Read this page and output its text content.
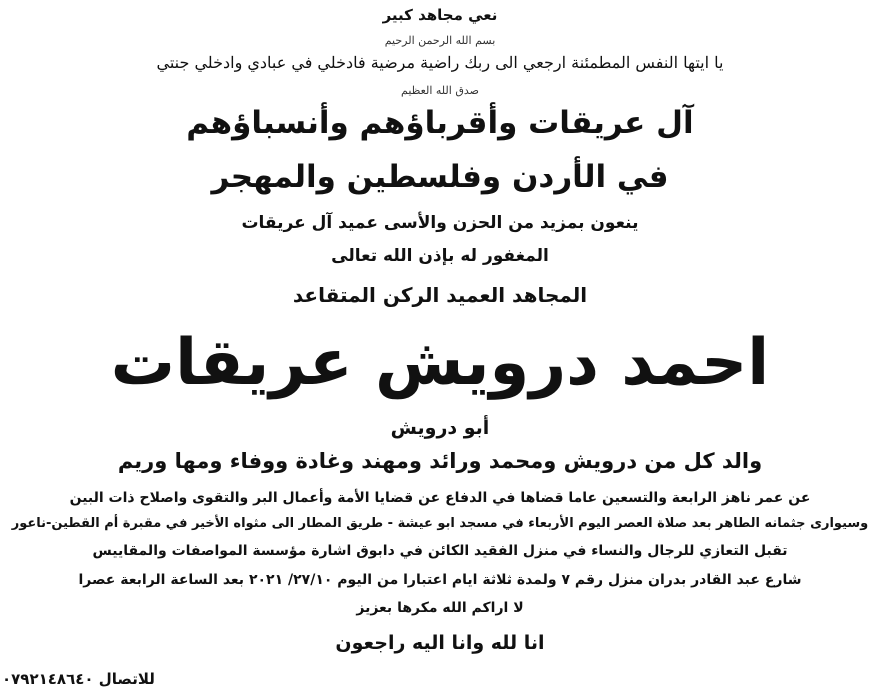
نعي مجاهد كبير
بسم الله الرحمن الرحيم
يا ايتها النفس المطمئنة ارجعي الى ربك راضية مرضية فادخلي في عبادي وادخلي جنتي
صدق الله العظيم
آل عريقات وأقرباؤهم وأنسباؤهم
في الأردن وفلسطين والمهجر
ينعون بمزيد من الحزن والأسى عميد آل عريقات
المغفور له بإذن الله تعالى
المجاهد العميد الركن المتقاعد
احمد درويش عريقات
أبو درويش
والد كل من درويش ومحمد ورائد ومهند وغادة ووفاء ومها وريم
عن عمر ناهز الرابعة والتسعين عاما قضاها في الدفاع عن قضايا الأمة وأعمال البر والتقوى واصلاح ذات البين
وسيوارى جثمانه الطاهر بعد صلاة العصر اليوم الأربعاء في مسجد ابو عيشة - طريق المطار الى مثواه الأخير في مقبرة أم القطين-ناعور
تقبل التعازي للرجال والنساء في منزل الفقيد الكائن في دابوق اشارة مؤسسة المواصفات والمقاييس
شارع عبد القادر بدران منزل رقم ٧ ولمدة ثلاثة ايام اعتبارا من اليوم ٢٧/١٠/ ٢٠٢١ بعد الساعة الرابعة عصرا
لا اراكم الله مكرها بعزيز
انا لله وانا اليه راجعون
للاتصال ٠٧٩٢١٤٨٦٤٠
